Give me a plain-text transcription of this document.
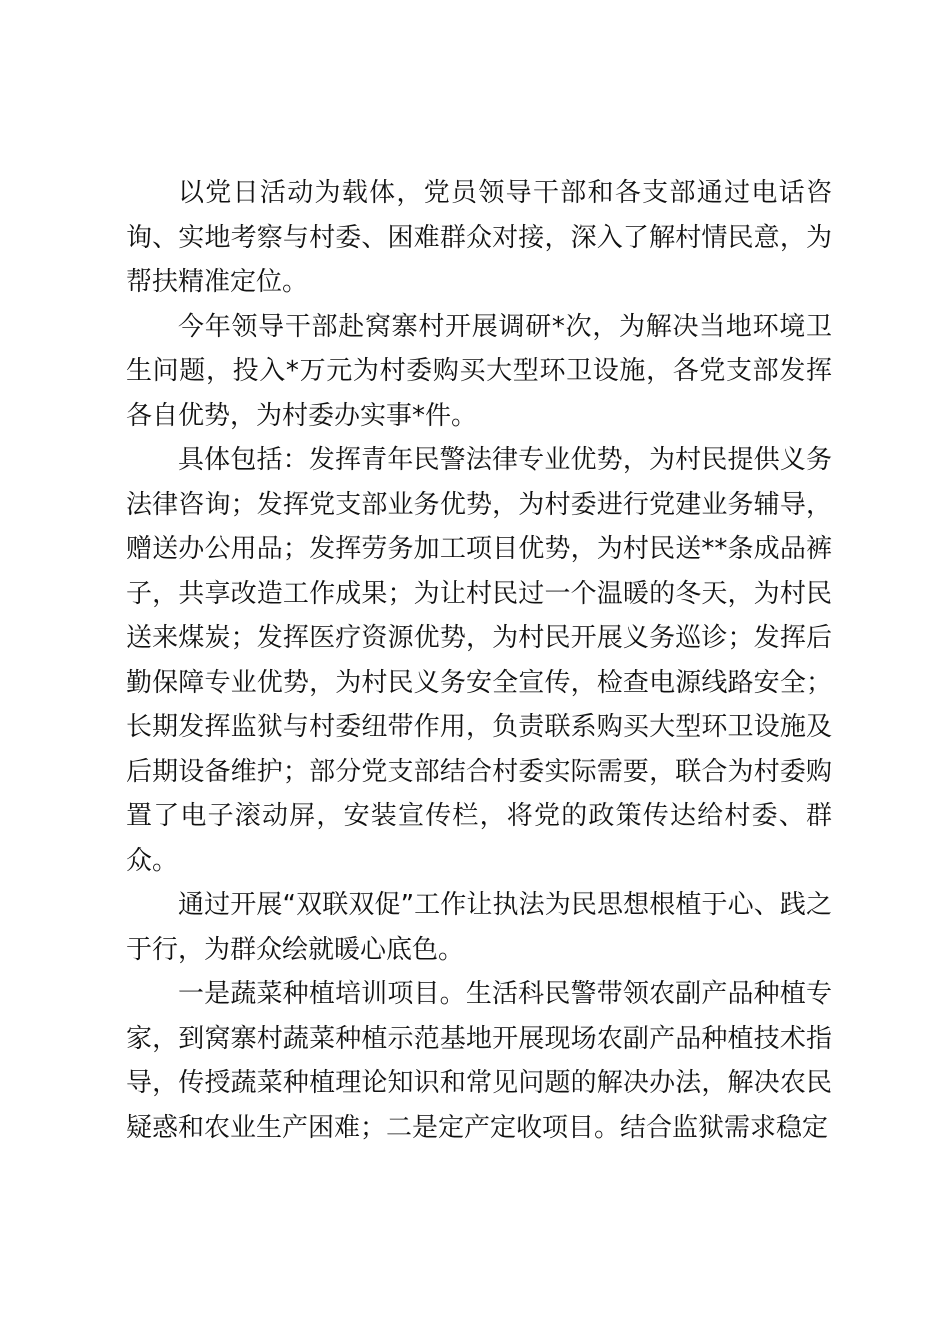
以党日活动为载体，党员领导干部和各支部通过电话咨询、实地考察与村委、困难群众对接，深入了解村情民意，为帮扶精准定位。

今年领导干部赴窝寨村开展调研*次，为解决当地环境卫生问题，投入*万元为村委购买大型环卫设施，各党支部发挥各自优势，为村委办实事*件。

具体包括：发挥青年民警法律专业优势，为村民提供义务法律咨询；发挥党支部业务优势，为村委进行党建业务辅导，赠送办公用品；发挥劳务加工项目优势，为村民送**条成品裤子，共享改造工作成果；为让村民过一个温暖的冬天，为村民送来煤炭；发挥医疗资源优势，为村民开展义务巡诊；发挥后勤保障专业优势，为村民义务安全宣传，检查电源线路安全；长期发挥监狱与村委纽带作用，负责联系购买大型环卫设施及后期设备维护；部分党支部结合村委实际需要，联合为村委购置了电子滚动屏，安装宣传栏，将党的政策传达给村委、群众。

通过开展“双联双促”工作让执法为民思想根植于心、践之于行，为群众绘就暖心底色。

一是蔬菜种植培训项目。生活科民警带领农副产品种植专家，到窝寨村蔬菜种植示范基地开展现场农副产品种植技术指导，传授蔬菜种植理论知识和常见问题的解决办法，解决农民疑惑和农业生产困难；二是定产定收项目。结合监狱需求稳定
